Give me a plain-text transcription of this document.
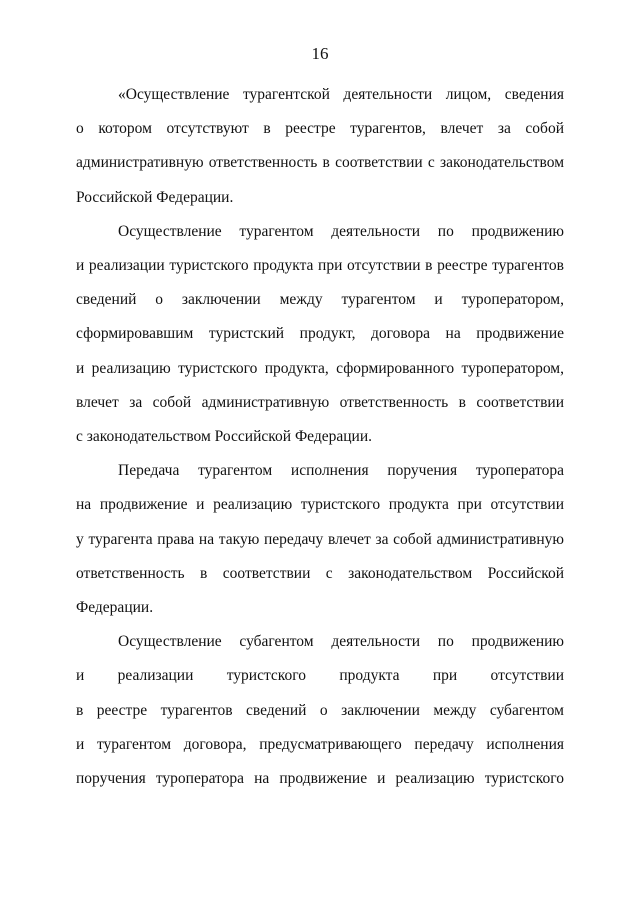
16

«Осуществление турагентской деятельности лицом, сведения
о котором отсутствуют в реестре турагентов, влечет за собой
административную ответственность в соответствии с законодательством
Российской Федерации.

Осуществление турагентом деятельности по продвижению
и реализации туристского продукта при отсутствии в реестре турагентов
сведений о заключении между турагентом и туроператором,
сформировавшим туристский продукт, договора на продвижение
и реализацию туристского продукта, сформированного туроператором,
влечет за собой административную ответственность в соответствии
с законодательством Российской Федерации.

Передача турагентом исполнения поручения туроператора
на продвижение и реализацию туристского продукта при отсутствии
у турагента права на такую передачу влечет за собой административную
ответственность в соответствии с законодательством Российской
Федерации.

Осуществление субагентом деятельности по продвижению
и реализации туристского продукта при отсутствии
в реестре турагентов сведений о заключении между субагентом
и турагентом договора, предусматривающего передачу исполнения
поручения туроператора на продвижение и реализацию туристского
